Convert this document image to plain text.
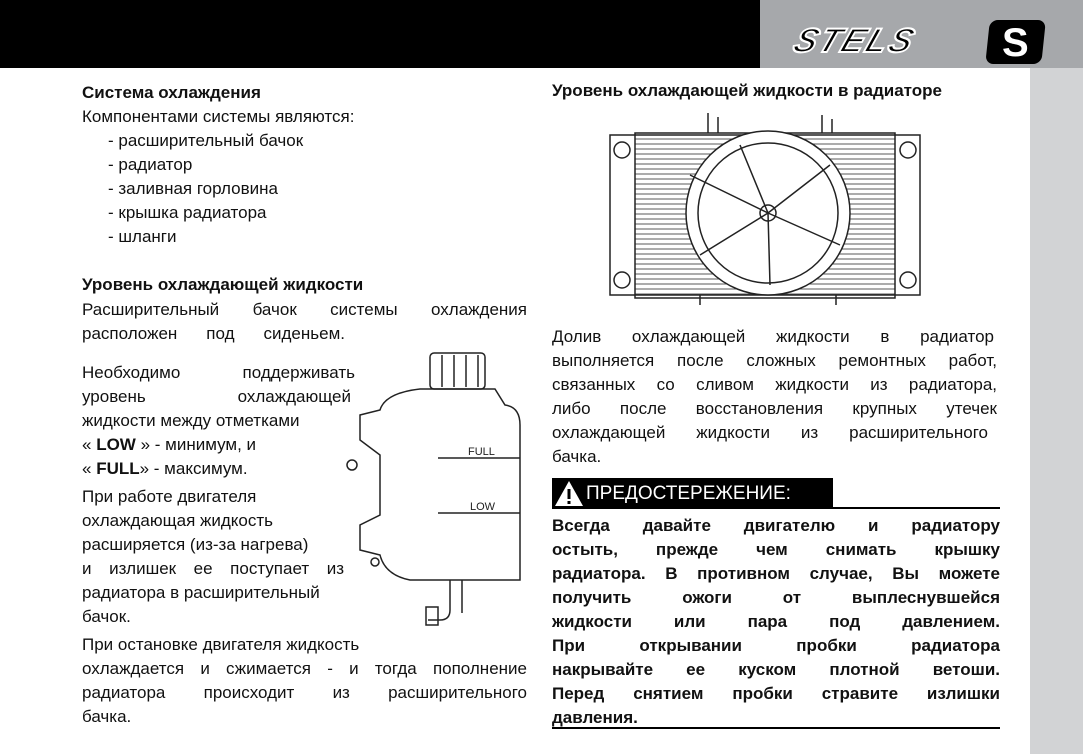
STELS S
Система охлаждения
Компонентами системы являются:
- расширительный бачок
- радиатор
- заливная горловина
- крышка радиатора
- шланги
Уровень охлаждающей жидкости
Расширительный бачок системы охлаждения
расположен под сиденьем.
Необходимо поддерживать
уровень охлаждающей
жидкости между отметками
« LOW » - минимум, и
« FULL» - максимум.
При работе двигателя
охлаждающая жидкость
расширяется (из-за нагрева)
и излишек ее поступает из
радиатора в расширительный
бачок.
При остановке двигателя жидкость
охлаждается и сжимается - и тогда пополнение
радиатора происходит из расширительного
бачка.
FULL
LOW
Уровень охлаждающей жидкости в радиаторе
Долив охлаждающей жидкости в радиатор
выполняется после сложных ремонтных работ,
связанных со сливом жидкости из радиатора,
либо после восстановления крупных утечек
охлаждающей жидкости из расширительного
бачка.
ПРЕДОСТЕРЕЖЕНИЕ:
Всегда давайте двигателю и радиатору
остыть, прежде чем снимать крышку
радиатора. В противном случае, Вы можете
получить ожоги от выплеснувшейся
жидкости или пара под давлением.
При открывании пробки радиатора
накрывайте ее куском плотной ветоши.
Перед снятием пробки стравите излишки
давления.
